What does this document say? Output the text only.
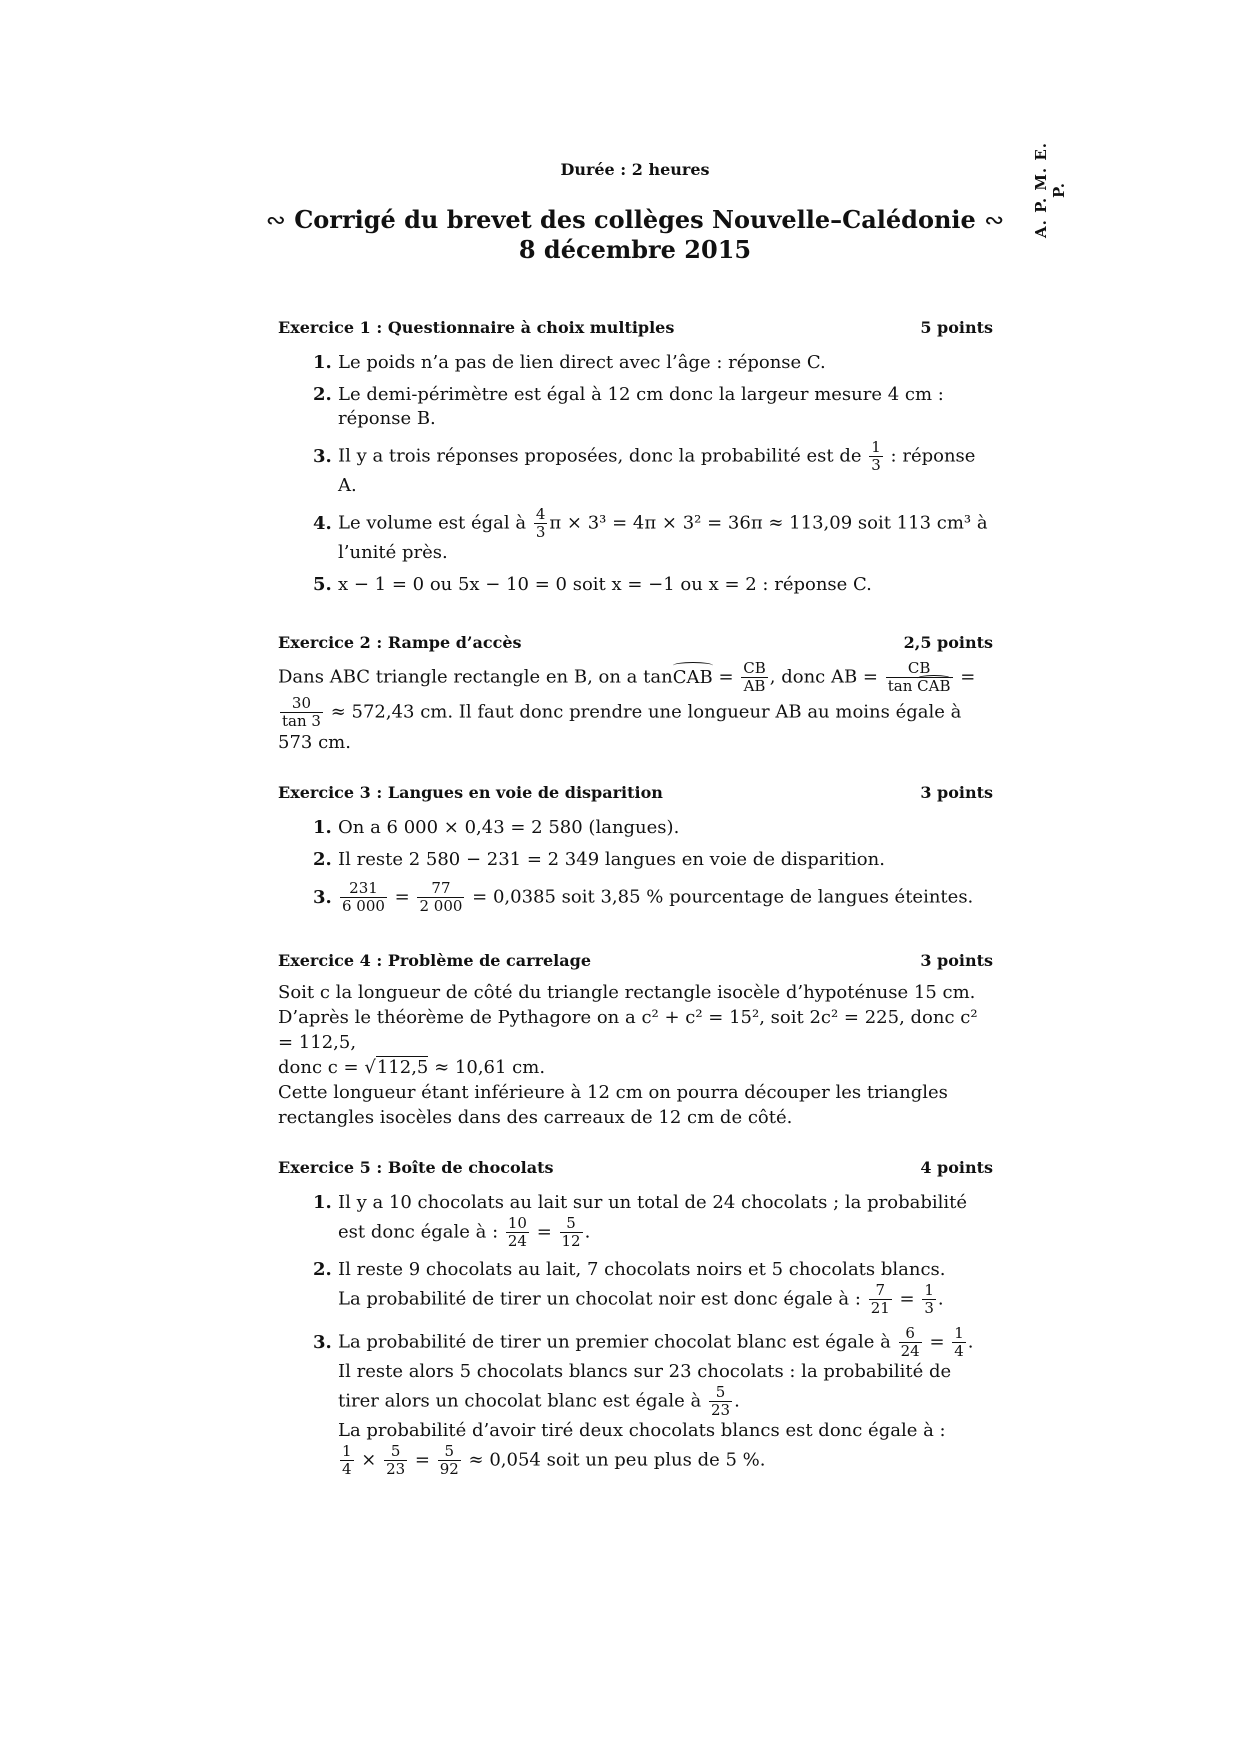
A. P. M. E. P.
Durée : 2 heures
∾ Corrigé du brevet des collèges Nouvelle–Calédonie ∾
8 décembre 2015
Exercice 1 : Questionnaire à choix multiples	5 points
1. Le poids n’a pas de lien direct avec l’âge : réponse C.
2. Le demi-périmètre est égal à 12 cm donc la largeur mesure 4 cm : réponse B.
3. Il y a trois réponses proposées, donc la probabilité est de $\frac{1}{3}$ : réponse A.
4. Le volume est égal à $\frac{4}{3}$ π × 3³ = 4π × 3² = 36π ≈ 113,09 soit 113 cm³ à l’unité près.
5. x − 1 = 0 ou 5x − 10 = 0 soit x = −1 ou x = 2 : réponse C.
Exercice 2 : Rampe d’accès	2,5 points

Dans ABC triangle rectangle en B, on a tanCAB = $\frac{CB}{AB}$ , donc AB = $\frac{CB}{\text{tan CAB}}$ =
$\frac{30}{\tan 3} \approx 572,43$ cm. Il faut donc prendre une longueur AB au moins égale à 573 cm.

Exercice 3 : Langues en voie de disparition	3 points
1. On a 6 000 × 0,43 = 2 580 (langues).
2. Il reste 2 580 − 231 = 2 349 langues en voie de disparition.
3. $\frac{231}{6 000} = \frac{77}{2 000} = 0,0385$ soit 3,85 % pourcentage de langues éteintes.
Exercice 4 : Problème de carrelage	3 points

Soit c la longueur de côté du triangle rectangle isocèle d’hypoténuse 15 cm.
D’après le théorème de Pythagore on a c² + c² = 15², soit 2c² = 225, donc c² = 112,5,
donc c = √112,5 ≈ 10,61 cm.
Cette longueur étant inférieure à 12 cm on pourra découper les triangles rectangles isocèles dans des carreaux de 12 cm de côté.

Exercice 5 : Boîte de chocolats	4 points
1. Il y a 10 chocolats au lait sur un total de 24 chocolats ; la probabilité est donc égale à : $\frac{10}{24} = \frac{5}{12}$ .
2. Il reste 9 chocolats au lait, 7 chocolats noirs et 5 chocolats blancs.
La probabilité de tirer un chocolat noir est donc égale à : $\frac{7}{21} = \frac{1}{3}$ .
3. La probabilité de tirer un premier chocolat blanc est égale à $\frac{6}{24} = \frac{1}{4}$ .
Il reste alors 5 chocolats blancs sur 23 chocolats : la probabilité de tirer alors un chocolat blanc est égale à $\frac{5}{23}$ .
La probabilité d’avoir tiré deux chocolats blancs est donc égale à :

$\frac{1}{4} \times \frac{5}{23} = \frac{5}{92} \approx 0,054$ soit un peu plus de 5 %.
